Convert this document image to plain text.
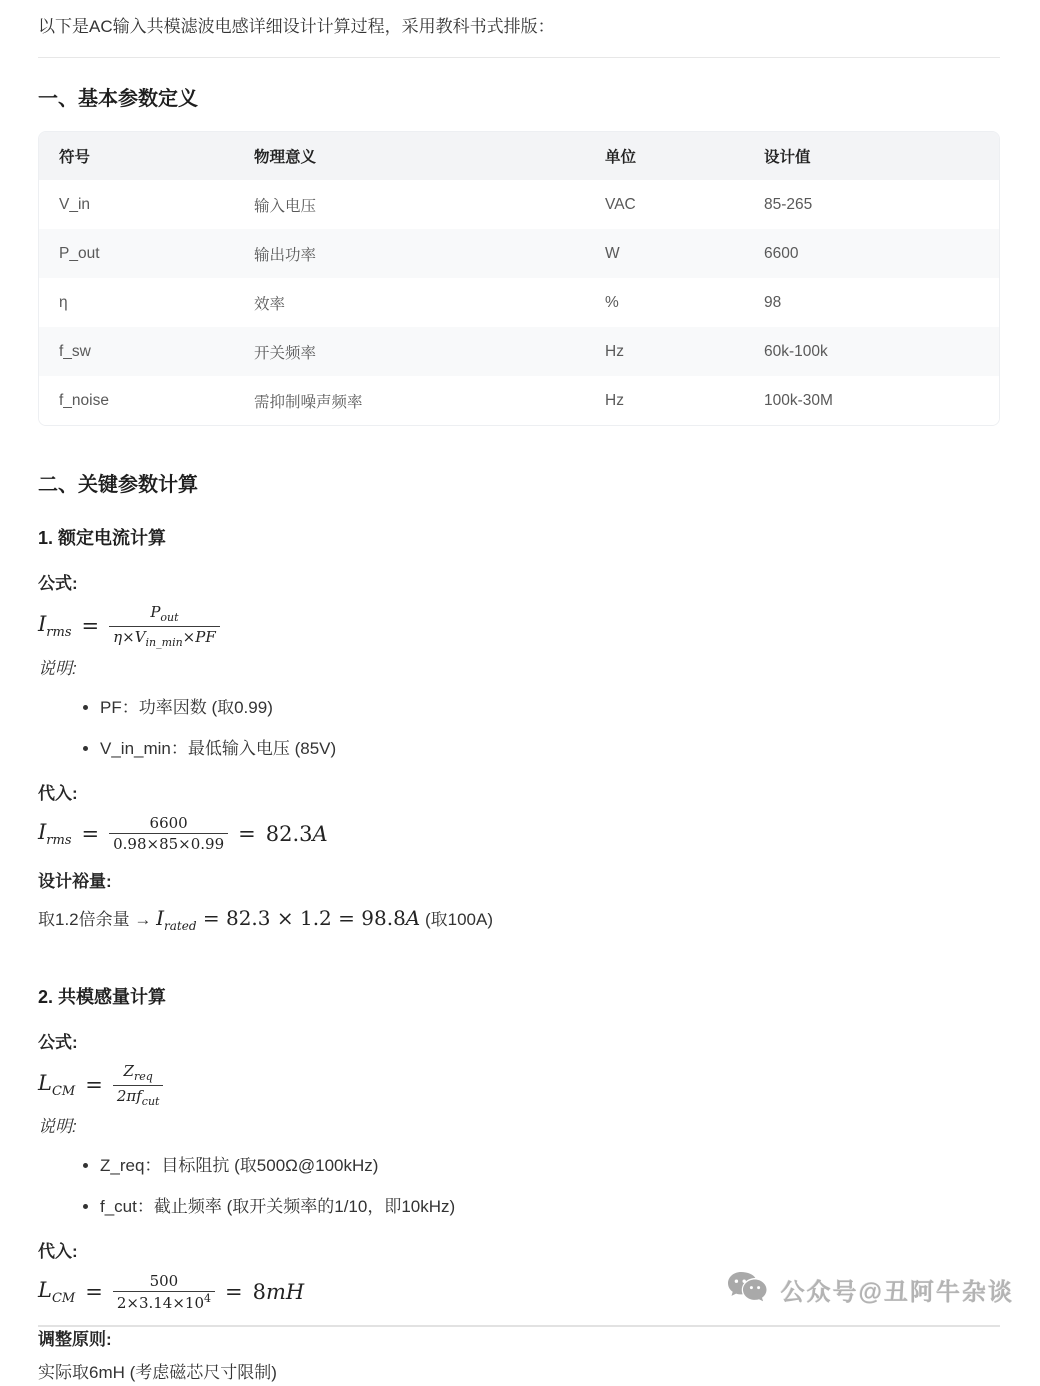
以下是AC输入共模滤波电感详细设计计算过程，采用教科书式排版：

一、基本参数定义
符号	物理意义	单位	设计值
V_in	输入电压	VAC	85-265
P_out	输出功率	W	6600
η	效率	%	98
f_sw	开关频率	Hz	60k-100k
f_noise	需抑制噪声频率	Hz	100k-30M
二、关键参数计算
1. 额定电流计算

公式:

$I_{rms} = \frac{P_{out}}{\eta\times V_{in\_min}\times PF}$

说明:

• PF：功率因数 (取0.99)
• V_in_min：最低输入电压 (85V)

代入:

$I_{rms} = \frac{6600}{0.98\times 85\times 0.99} = 82.3A$

设计裕量:

取1.2倍余量 → $I_{rated} = 82.3 \times 1.2 = 98.8A$ (取100A)

2. 共模感量计算

公式:

$L_{CM} = \frac{Z_{req}}{2\pi f_{cut}}$

说明:

• Z_req：目标阻抗 (取500Ω@100kHz)
• f_cut：截止频率 (取开关频率的1/10，即10kHz)

代入:

$L_{CM} = \frac{500}{2\times 3.14\times 10^4} = 8mH$

调整原则:

实际取6mH (考虑磁芯尺寸限制)

公众号@丑阿牛杂谈
